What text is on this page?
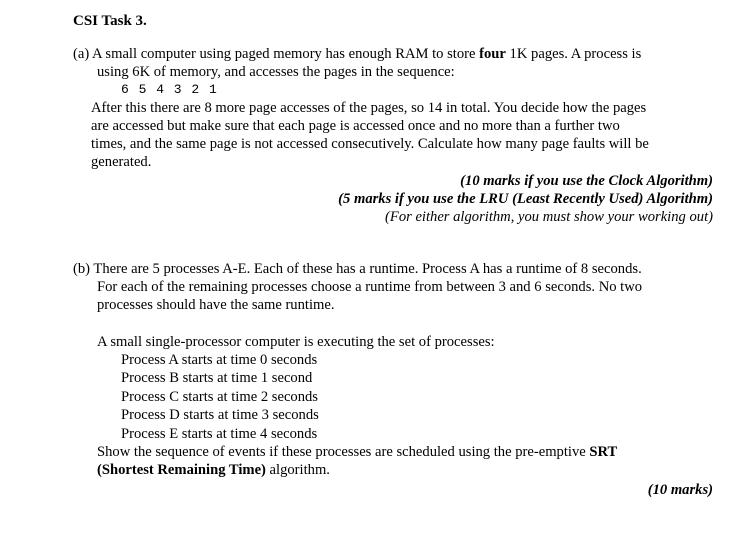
CSI Task 3.
(a) A small computer using paged memory has enough RAM to store four 1K pages. A process is
using 6K of memory, and accesses the pages in the sequence:
6 5 4 3 2 1
After this there are 8 more page accesses of the pages, so 14 in total. You decide how the pages
are accessed but make sure that each page is accessed once and no more than a further two
times, and the same page is not accessed consecutively. Calculate how many page faults will be
generated.
(10 marks if you use the Clock Algorithm)
(5 marks if you use the LRU (Least Recently Used) Algorithm)
(For either algorithm, you must show your working out)
(b) There are 5 processes A-E. Each of these has a runtime. Process A has a runtime of 8 seconds.
For each of the remaining processes choose a runtime from between 3 and 6 seconds. No two
processes should have the same runtime.
A small single-processor computer is executing the set of processes:
Process A starts at time 0 seconds
Process B starts at time 1 second
Process C starts at time 2 seconds
Process D starts at time 3 seconds
Process E starts at time 4 seconds
Show the sequence of events if these processes are scheduled using the pre-emptive SRT
(Shortest Remaining Time) algorithm.
(10 marks)
